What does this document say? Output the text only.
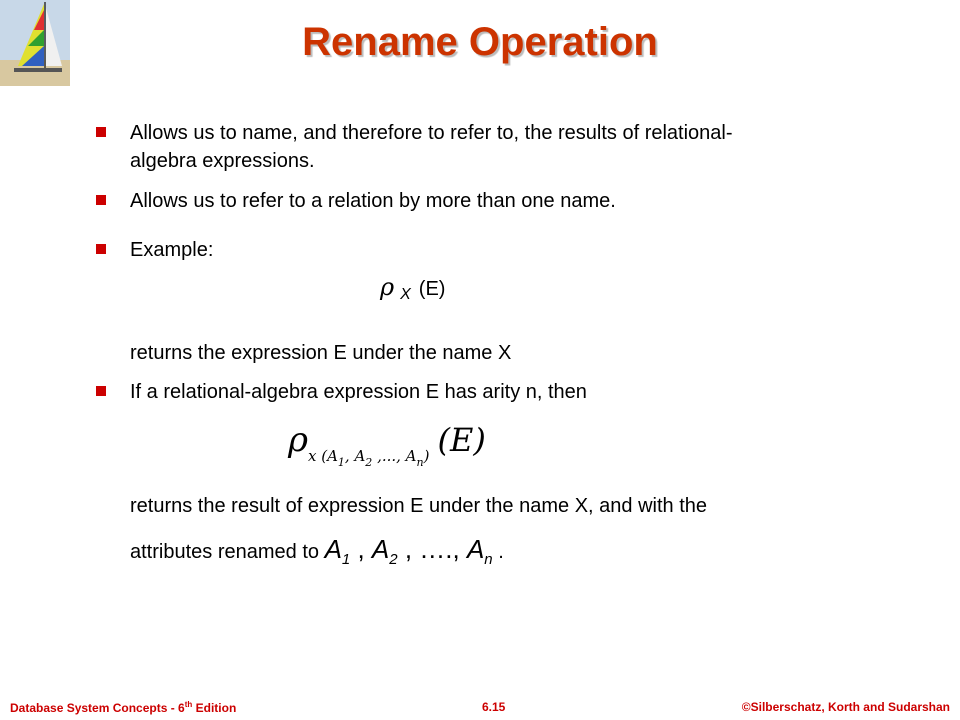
Rename Operation
Allows us to name, and therefore to refer to, the results of relational-
algebra expressions.
Allows us to refer to a relation by more than one name.
Example:
ρ $_X$ (E)
returns the expression E under the name X
If a relational-algebra expression E has arity n, then
ρx ($A_1$, $A_2$ ,..., $A_n$) (E)
returns the result of expression E under the name X, and with the
attributes renamed to $A_1$ , $A_2$ , …., $A_n$ .
Database System Concepts - 6th Edition	6.15	©Silberschatz, Korth and Sudarshan
